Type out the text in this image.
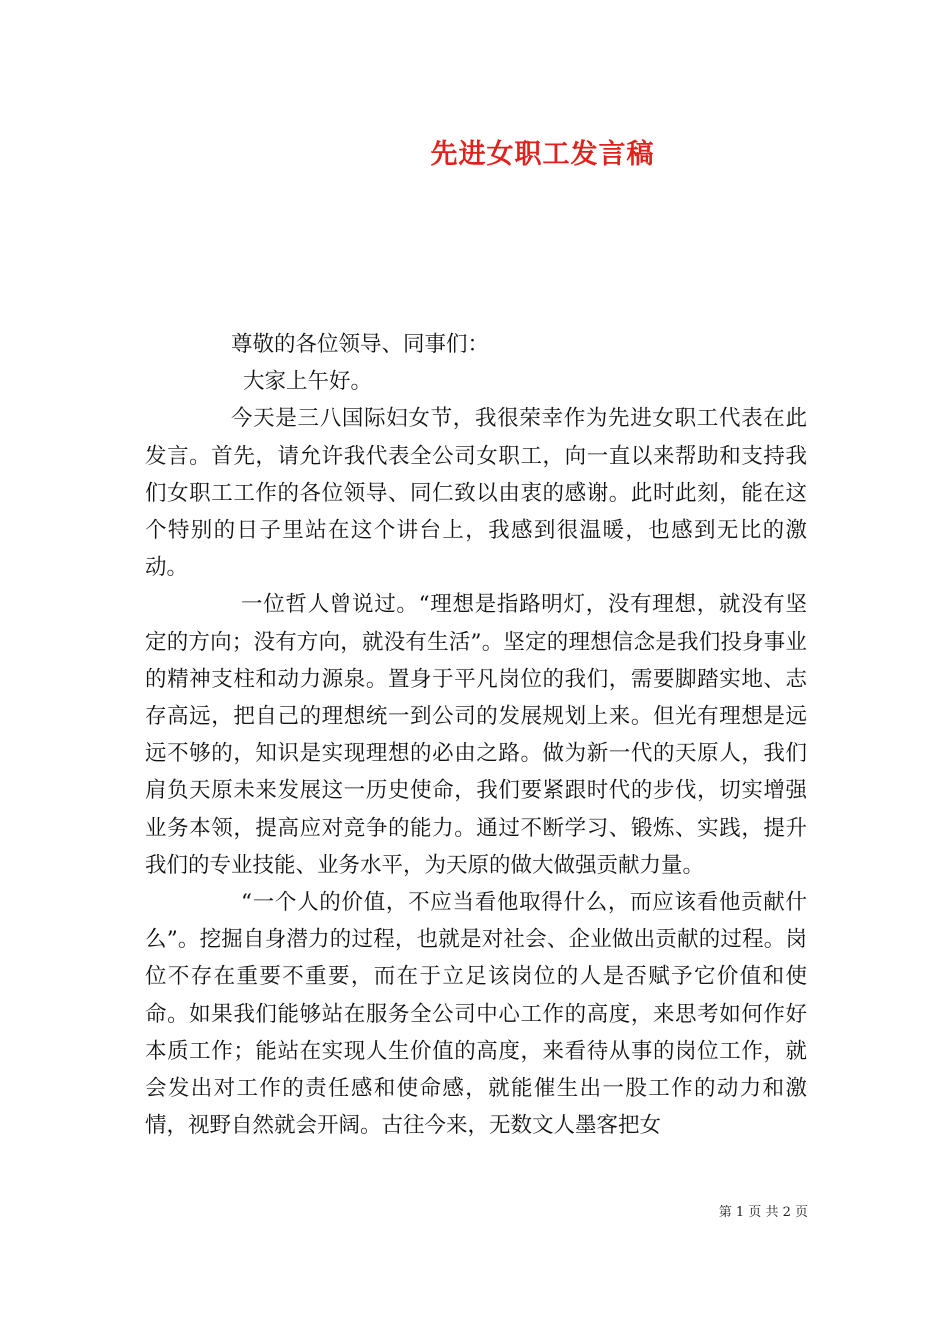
先进女职工发言稿

尊敬的各位领导、同事们：

大家上午好。

今天是三八国际妇女节，我很荣幸作为先进女职工代表在此发言。首先，请允许我代表全公司女职工，向一直以来帮助和支持我们女职工工作的各位领导、同仁致以由衷的感谢。此时此刻，能在这个特别的日子里站在这个讲台上，我感到很温暖，也感到无比的激动。

一位哲人曾说过。“理想是指路明灯，没有理想，就没有坚定的方向；没有方向，就没有生活”。坚定的理想信念是我们投身事业的精神支柱和动力源泉。置身于平凡岗位的我们，需要脚踏实地、志存高远，把自己的理想统一到公司的发展规划上来。但光有理想是远远不够的，知识是实现理想的必由之路。做为新一代的天原人，我们肩负天原未来发展这一历史使命，我们要紧跟时代的步伐，切实增强业务本领，提高应对竞争的能力。通过不断学习、锻炼、实践，提升我们的专业技能、业务水平，为天原的做大做强贡献力量。

“一个人的价值，不应当看他取得什么，而应该看他贡献什么”。挖掘自身潜力的过程，也就是对社会、企业做出贡献的过程。岗位不存在重要不重要，而在于立足该岗位的人是否赋予它价值和使命。如果我们能够站在服务全公司中心工作的高度，来思考如何作好本质工作；能站在实现人生价值的高度，来看待从事的岗位工作，就会发出对工作的责任感和使命感，就能催生出一股工作的动力和激情，视野自然就会开阔。古往今来，无数文人墨客把女

第 1 页 共 2 页
